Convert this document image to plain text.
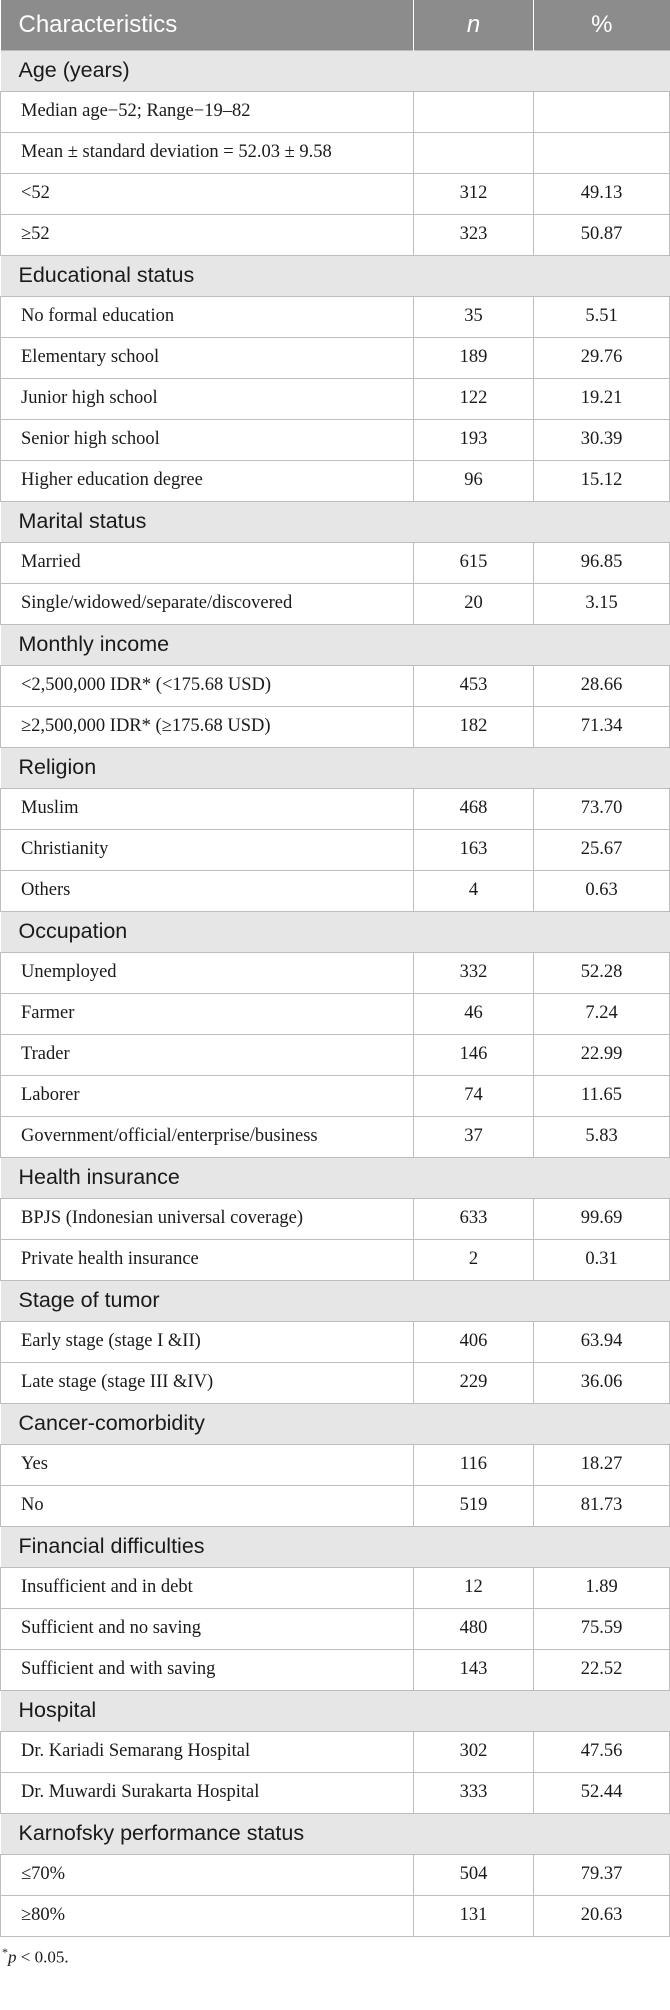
Characteristics	n	%
Age (years)		
Median age−52; Range−19–82		
Mean ± standard deviation = 52.03 ± 9.58		
<52	312	49.13
≥52	323	50.87
Educational status		
No formal education	35	5.51
Elementary school	189	29.76
Junior high school	122	19.21
Senior high school	193	30.39
Higher education degree	96	15.12
Marital status		
Married	615	96.85
Single/widowed/separate/discovered	20	3.15
Monthly income		
<2,500,000 IDR* (<175.68 USD)	453	28.66
≥2,500,000 IDR* (≥175.68 USD)	182	71.34
Religion		
Muslim	468	73.70
Christianity	163	25.67
Others	4	0.63
Occupation		
Unemployed	332	52.28
Farmer	46	7.24
Trader	146	22.99
Laborer	74	11.65
Government/official/enterprise/business	37	5.83
Health insurance		
BPJS (Indonesian universal coverage)	633	99.69
Private health insurance	2	0.31
Stage of tumor		
Early stage (stage I &II)	406	63.94
Late stage (stage III &IV)	229	36.06
Cancer-comorbidity		
Yes	116	18.27
No	519	81.73
Financial difficulties		
Insufficient and in debt	12	1.89
Sufficient and no saving	480	75.59
Sufficient and with saving	143	22.52
Hospital		
Dr. Kariadi Semarang Hospital	302	47.56
Dr. Muwardi Surakarta Hospital	333	52.44
Karnofsky performance status		
≤70%	504	79.37
≥80%	131	20.63
*p < 0.05.
